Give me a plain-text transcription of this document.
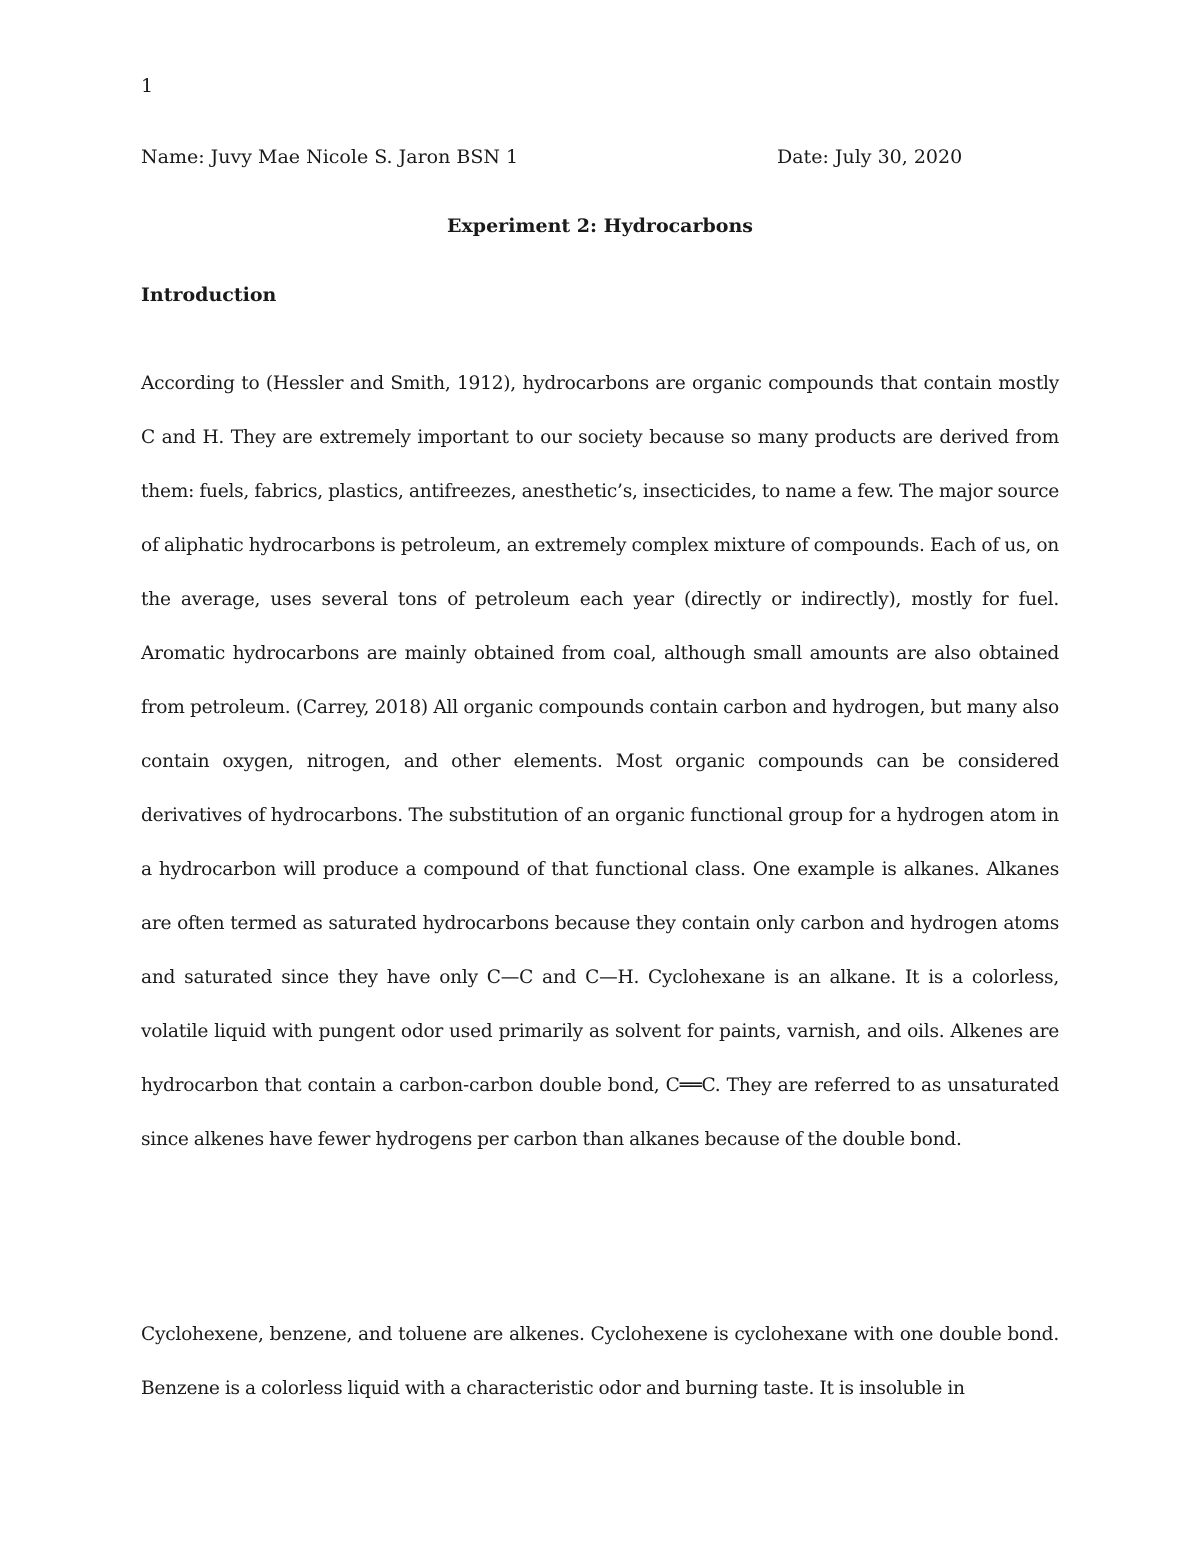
1
Name: Juvy Mae Nicole S. Jaron BSN 1	Date: July 30, 2020
Experiment 2: Hydrocarbons
Introduction

According to (Hessler and Smith, 1912), hydrocarbons are organic compounds that contain mostly C and H. They are extremely important to our society because so many products are derived from them: fuels, fabrics, plastics, antifreezes, anesthetic’s, insecticides, to name a few. The major source of aliphatic hydrocarbons is petroleum, an extremely complex mixture of compounds. Each of us, on the average, uses several tons of petroleum each year (directly or indirectly), mostly for fuel. Aromatic hydrocarbons are mainly obtained from coal, although small amounts are also obtained from petroleum. (Carrey, 2018) All organic compounds contain carbon and hydrogen, but many also contain oxygen, nitrogen, and other elements. Most organic compounds can be considered derivatives of hydrocarbons. The substitution of an organic functional group for a hydrogen atom in a hydrocarbon will produce a compound of that functional class. One example is alkanes. Alkanes are often termed as saturated hydrocarbons because they contain only carbon and hydrogen atoms and saturated since they have only C—C and C—H. Cyclohexane is an alkane. It is a colorless, volatile liquid with pungent odor used primarily as solvent for paints, varnish, and oils. Alkenes are hydrocarbon that contain a carbon-carbon double bond, C══C. They are referred to as unsaturated since alkenes have fewer hydrogens per carbon than alkanes because of the double bond.

Cyclohexene, benzene, and toluene are alkenes. Cyclohexene is cyclohexane with one double bond. Benzene is a colorless liquid with a characteristic odor and burning taste. It is insoluble in
